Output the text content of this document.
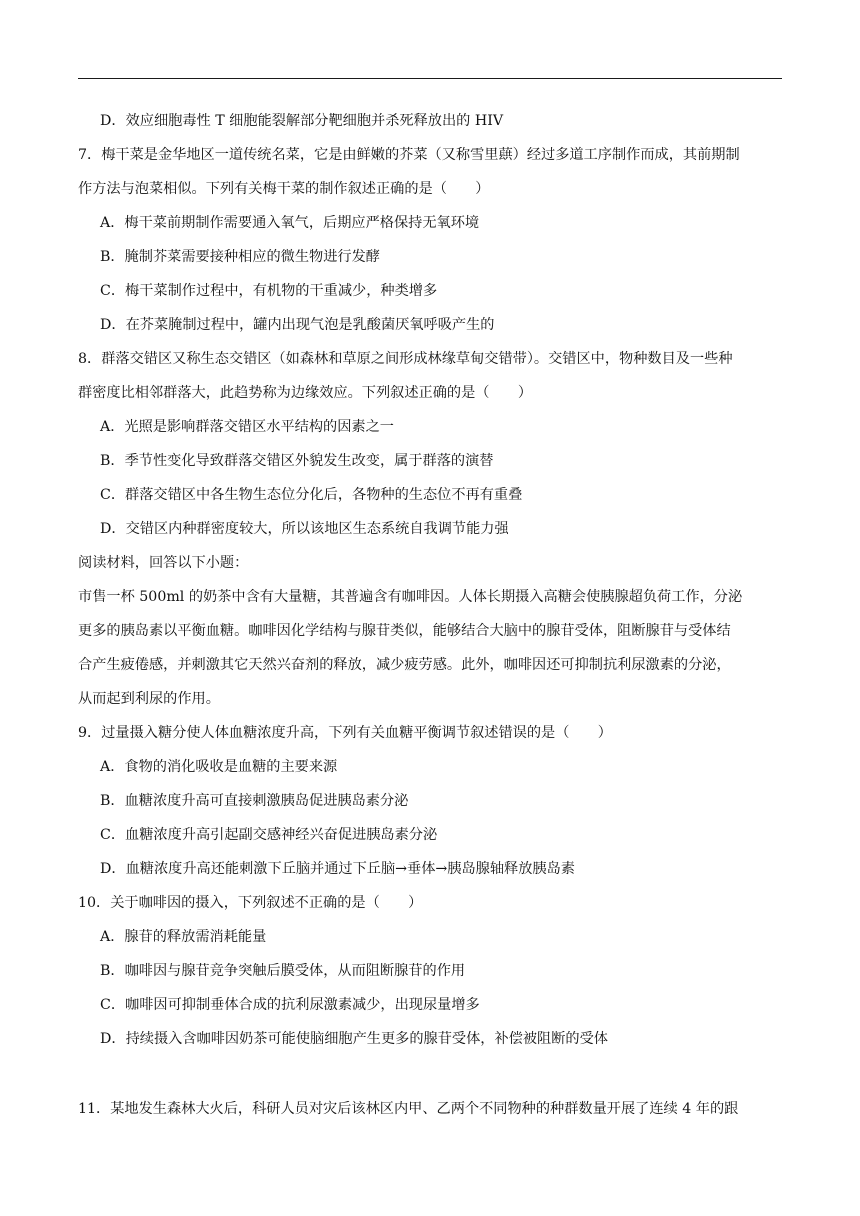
D．效应细胞毒性 T 细胞能裂解部分靶细胞并杀死释放出的 HIV
7．梅干菜是金华地区一道传统名菜，它是由鲜嫩的芥菜（又称雪里蕻）经过多道工序制作而成，其前期制
作方法与泡菜相似。下列有关梅干菜的制作叙述正确的是（　　）
A．梅干菜前期制作需要通入氧气，后期应严格保持无氧环境
B．腌制芥菜需要接种相应的微生物进行发酵
C．梅干菜制作过程中，有机物的干重减少，种类增多
D．在芥菜腌制过程中，罐内出现气泡是乳酸菌厌氧呼吸产生的
8．群落交错区又称生态交错区（如森林和草原之间形成林缘草甸交错带）。交错区中，物种数目及一些种
群密度比相邻群落大，此趋势称为边缘效应。下列叙述正确的是（　　）
A．光照是影响群落交错区水平结构的因素之一
B．季节性变化导致群落交错区外貌发生改变，属于群落的演替
C．群落交错区中各生物生态位分化后，各物种的生态位不再有重叠
D．交错区内种群密度较大，所以该地区生态系统自我调节能力强
阅读材料，回答以下小题：
市售一杯 500ml 的奶茶中含有大量糖，其普遍含有咖啡因。人体长期摄入高糖会使胰腺超负荷工作，分泌
更多的胰岛素以平衡血糖。咖啡因化学结构与腺苷类似，能够结合大脑中的腺苷受体，阻断腺苷与受体结
合产生疲倦感，并刺激其它天然兴奋剂的释放，减少疲劳感。此外，咖啡因还可抑制抗利尿激素的分泌，
从而起到利尿的作用。
9．过量摄入糖分使人体血糖浓度升高，下列有关血糖平衡调节叙述错误的是（　　）
A．食物的消化吸收是血糖的主要来源
B．血糖浓度升高可直接刺激胰岛促进胰岛素分泌
C．血糖浓度升高引起副交感神经兴奋促进胰岛素分泌
D．血糖浓度升高还能刺激下丘脑并通过下丘脑→垂体→胰岛腺轴释放胰岛素
10．关于咖啡因的摄入，下列叙述不正确的是（　　）
A．腺苷的释放需消耗能量
B．咖啡因与腺苷竞争突触后膜受体，从而阻断腺苷的作用
C．咖啡因可抑制垂体合成的抗利尿激素减少，出现尿量增多
D．持续摄入含咖啡因奶茶可能使脑细胞产生更多的腺苷受体，补偿被阻断的受体
11．某地发生森林大火后，科研人员对灾后该林区内甲、乙两个不同物种的种群数量开展了连续 4 年的跟
